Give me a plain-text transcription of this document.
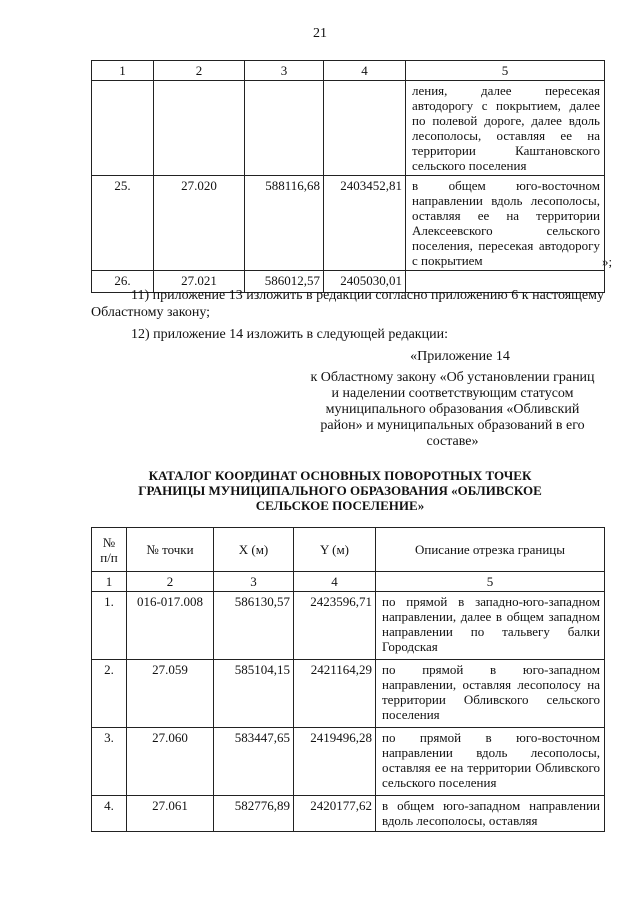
21
1	2	3	4	5
				ления, далее пересекая автодорогу с покрытием, далее по полевой дороге, далее вдоль лесополосы, оставляя ее на территории Каштановского сельского поселения
25.	27.020	588116,68	2403452,81	в общем юго-восточном направлении вдоль лесополосы, оставляя ее на территории Алексеевского сельского поселения, пересекая автодорогу с покрытием
26.	27.021	586012,57	2405030,01	
»;
11) приложение 13 изложить в редакции согласно приложению 6 к настоящему Областному закону;
12) приложение 14 изложить в следующей редакции:
«Приложение 14
к Областному закону «Об установлении границ и наделении соответствующим статусом муниципального образования «Обливский район» и муниципальных образований в его составе»
КАТАЛОГ КООРДИНАТ ОСНОВНЫХ ПОВОРОТНЫХ ТОЧЕК ГРАНИЦЫ МУНИЦИПАЛЬНОГО ОБРАЗОВАНИЯ «ОБЛИВСКОЕ СЕЛЬСКОЕ ПОСЕЛЕНИЕ»
№ п/п	№ точки	X (м)	Y (м)	Описание отрезка границы
1	2	3	4	5
1.	016-017.008	586130,57	2423596,71	по прямой в западно-юго-западном направлении, далее в общем западном направлении по тальвегу балки Городская
2.	27.059	585104,15	2421164,29	по прямой в юго-западном направлении, оставляя лесополосу на территории Обливского сельского поселения
3.	27.060	583447,65	2419496,28	по прямой в юго-восточном направлении вдоль лесополосы, оставляя ее на территории Обливского сельского поселения
4.	27.061	582776,89	2420177,62	в общем юго-западном направлении вдоль лесополосы, оставляя
